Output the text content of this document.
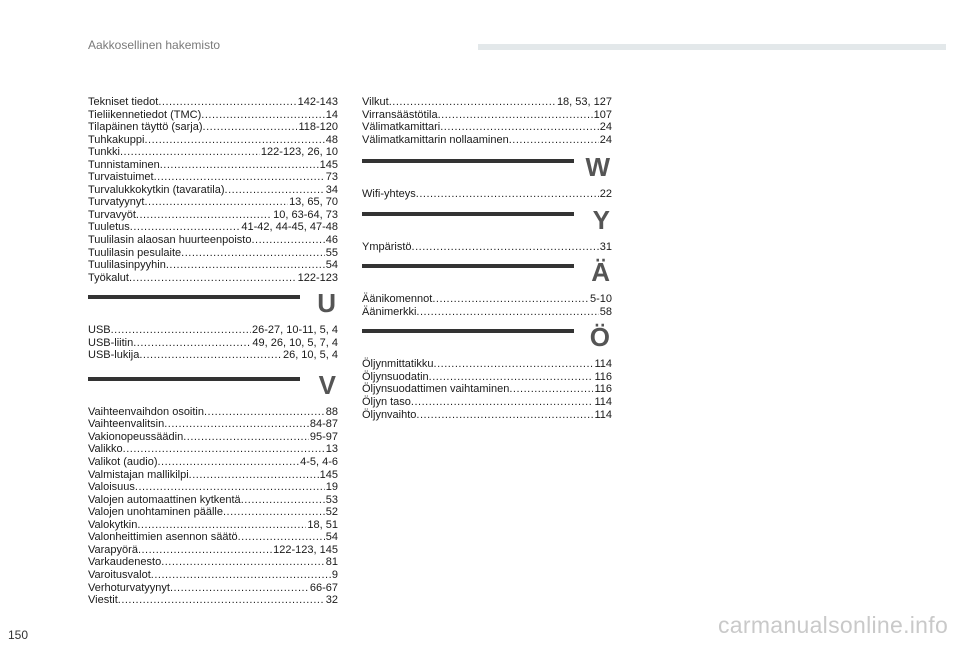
Aakkosellinen hakemisto
Tekniset tiedot .....	142-143
Tieliikennetiedot (TMC) .....	14
Tilapäinen täyttö (sarja) .....	118-120
Tuhkakuppi .....	48
Tunkki .....	122-123, 26, 10
Tunnistaminen .....	145
Turvaistuimet .....	73
Turvalukkokytkin (tavaratila) .....	34
Turvatyynyt .....	13, 65, 70
Turvavyöt .....	10, 63-64, 73
Tuuletus .....	41-42, 44-45, 47-48
Tuulilasin alaosan huurteenpoisto .....	46
Tuulilasin pesulaite .....	55
Tuulilasinpyyhin .....	54
Työkalut .....	122-123
U
USB .....	26-27, 10-11, 5, 4
USB-liitin .....	49, 26, 10, 5, 7, 4
USB-lukija .....	26, 10, 5, 4
V
Vaihteenvaihdon osoitin .....	88
Vaihteenvalitsin .....	84-87
Vakionopeussäädin .....	95-97
Valikko .....	13
Valikot (audio) .....	4-5, 4-6
Valmistajan mallikilpi .....	145
Valoisuus .....	19
Valojen automaattinen kytkentä .....	53
Valojen unohtaminen päälle .....	52
Valokytkin .....	18, 51
Valonheittimien asennon säätö .....	54
Varapyörä .....	122-123, 145
Varkaudenesto .....	81
Varoitusvalot .....	9
Verhoturvatyynyt .....	66-67
Viestit .....	32
Vilkut .....	18, 53, 127
Virransäästötila .....	107
Välimatkamittari .....	24
Välimatkamittarin nollaaminen .....	24
W
Wifi-yhteys .....	22
Y
Ympäristö .....	31
Ä
Äänikomennot .....	5-10
Äänimerkki .....	58
Ö
Öljynmittatikku .....	114
Öljynsuodatin .....	116
Öljynsuodattimen vaihtaminen .....	116
Öljyn taso .....	114
Öljynvaihto .....	114
150	carmanualsonline.info
